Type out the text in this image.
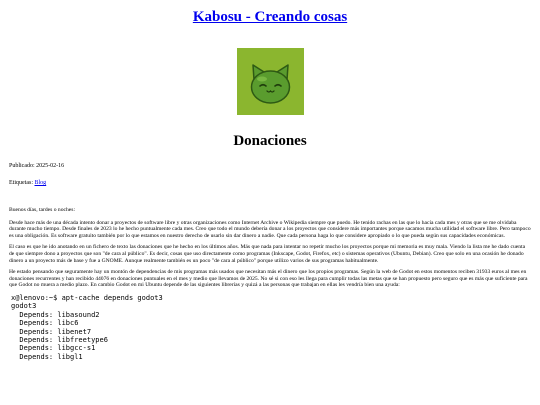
Kabosu - Creando cosas
Donaciones
Publicado: 2025-02-16
Etiquetas: Blog

Buenos días, tardes o noches:

Desde hace más de una década intento donar a proyectos de software libre y otras organizaciones como Internet Archive o Wikipedia siempre que puedo. He tenido rachas en las que lo hacía cada mes y otras que se me olvidaba durante mucho tiempo. Desde finales de 2023 lo he hecho puntualmente cada mes. Creo que todo el mundo debería donar a los proyectos que considere más importantes porque sacamos mucha utilidad el software libre. Pero tampoco es una obligación. Es software gratuito también por lo que estamos en nuestro derecho de usarlo sin dar dinero a nadie. Que cada persona haga lo que considere apropiado o lo que pueda según sus capacidades económicas.

El caso es que he ido anotando en un fichero de texto las donaciones que he hecho en los últimos años. Más que nada para intentar no repetir mucho los proyectos porque mi memoria es muy mala. Viendo la lista me he dado cuenta de que siempre dono a proyectos que son "de cara al público". Es decir, cosas que uso directamente como programas (Inkscape, Godot, Firefox, etc) o sistemas operativos (Ubuntu, Debian). Creo que solo en una ocasión he donado dinero a un proyecto más de base y fue a GNOME. Aunque realmente también es un poco "de cara al público" porque utilizo varios de sus programas habitualmente.

He estado pensando que seguramente hay un montón de dependencias de mis programas más usados que necesitan más el dinero que los propios programas. Según la web de Godot en estos momentos reciben 31933 euros al mes en donaciones recurrentes y han recibido 44076 en donaciones puntuales en el mes y medio que llevamos de 2025. No sé si con eso les llega para cumplir todas las metas que se han propuesto pero seguro que es más que suficiente para que Godot no muera a medio plazo. En cambio Godot en mi Ubuntu depende de las siguientes librerías y quizá a las personas que trabajan en ellas les vendría bien una ayuda:

x@lenovo:~$ apt-cache depends godot3
godot3
Depends: libasound2
Depends: libc6
Depends: libenet7
Depends: libfreetype6
Depends: libgcc-s1
Depends: libgl1
